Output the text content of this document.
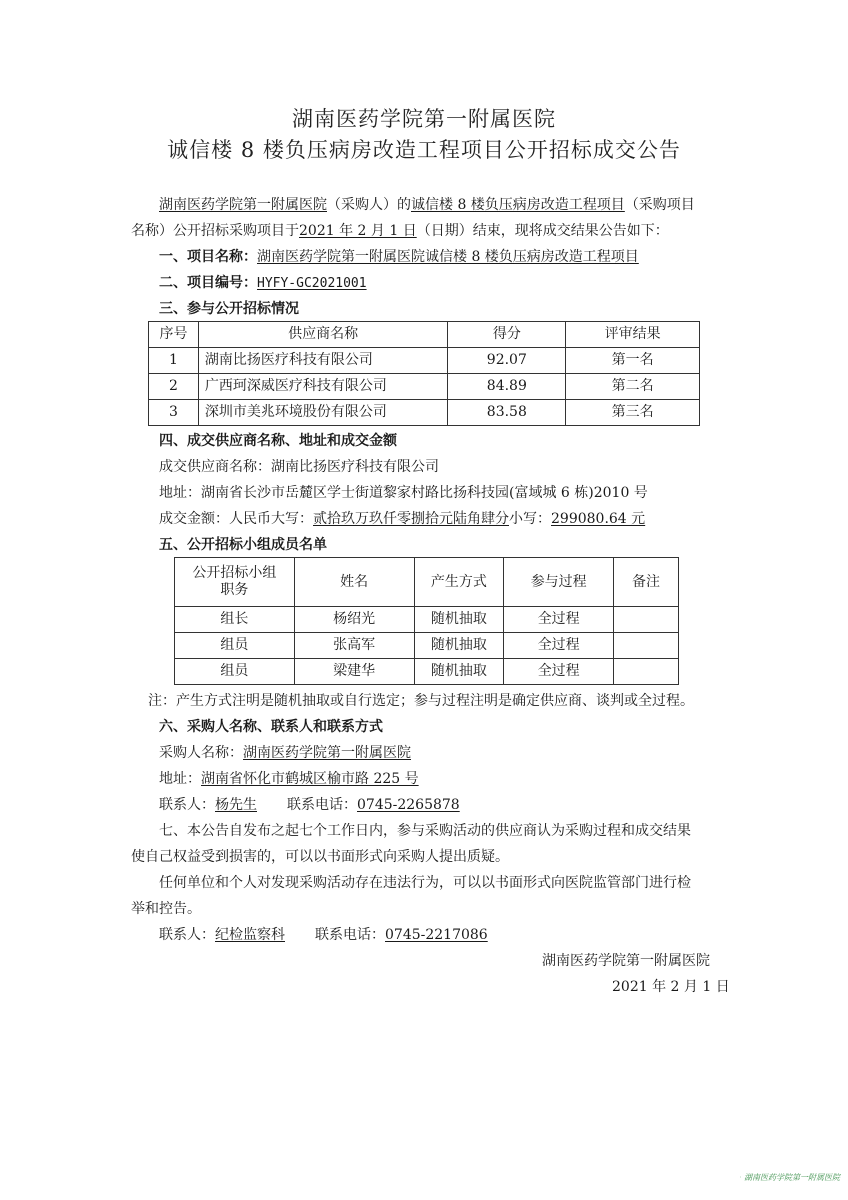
湖南医药学院第一附属医院
诚信楼 8 楼负压病房改造工程项目公开招标成交公告
湖南医药学院第一附属医院（采购人）的诚信楼 8 楼负压病房改造工程项目（采购项目
名称）公开招标采购项目于2021 年 2 月 1 日（日期）结束，现将成交结果公告如下：
一、项目名称：湖南医药学院第一附属医院诚信楼 8 楼负压病房改造工程项目
二、项目编号：HYFY-GC2021001
三、参与公开招标情况
序号	供应商名称	得分	评审结果
1	湖南比扬医疗科技有限公司	92.07	第一名
2	广西珂深威医疗科技有限公司	84.89	第二名
3	深圳市美兆环境股份有限公司	83.58	第三名
四、成交供应商名称、地址和成交金额
成交供应商名称：湖南比扬医疗科技有限公司
地址：湖南省长沙市岳麓区学士街道黎家村路比扬科技园(富域城 6 栋)2010 号
成交金额：人民币大写：贰拾玖万玖仟零捌拾元陆角肆分小写：299080.64 元
五、公开招标小组成员名单
公开招标小组
职务	姓名	产生方式	参与过程	备注
组长	杨绍光	随机抽取	全过程	
组员	张高军	随机抽取	全过程	
组员	梁建华	随机抽取	全过程	
注：产生方式注明是随机抽取或自行选定；参与过程注明是确定供应商、谈判或全过程。
六、采购人名称、联系人和联系方式
采购人名称：湖南医药学院第一附属医院
地址：湖南省怀化市鹤城区榆市路 225 号
联系人：杨先生 联系电话：0745-2265878
七、本公告自发布之起七个工作日内，参与采购活动的供应商认为采购过程和成交结果
使自己权益受到损害的，可以以书面形式向采购人提出质疑。
任何单位和个人对发现采购活动存在违法行为，可以以书面形式向医院监管部门进行检
举和控告。
联系人：纪检监察科 联系电话：0745-2217086
湖南医药学院第一附属医院
2021 年 2 月 1 日
湖南医药学院第一附属医院
